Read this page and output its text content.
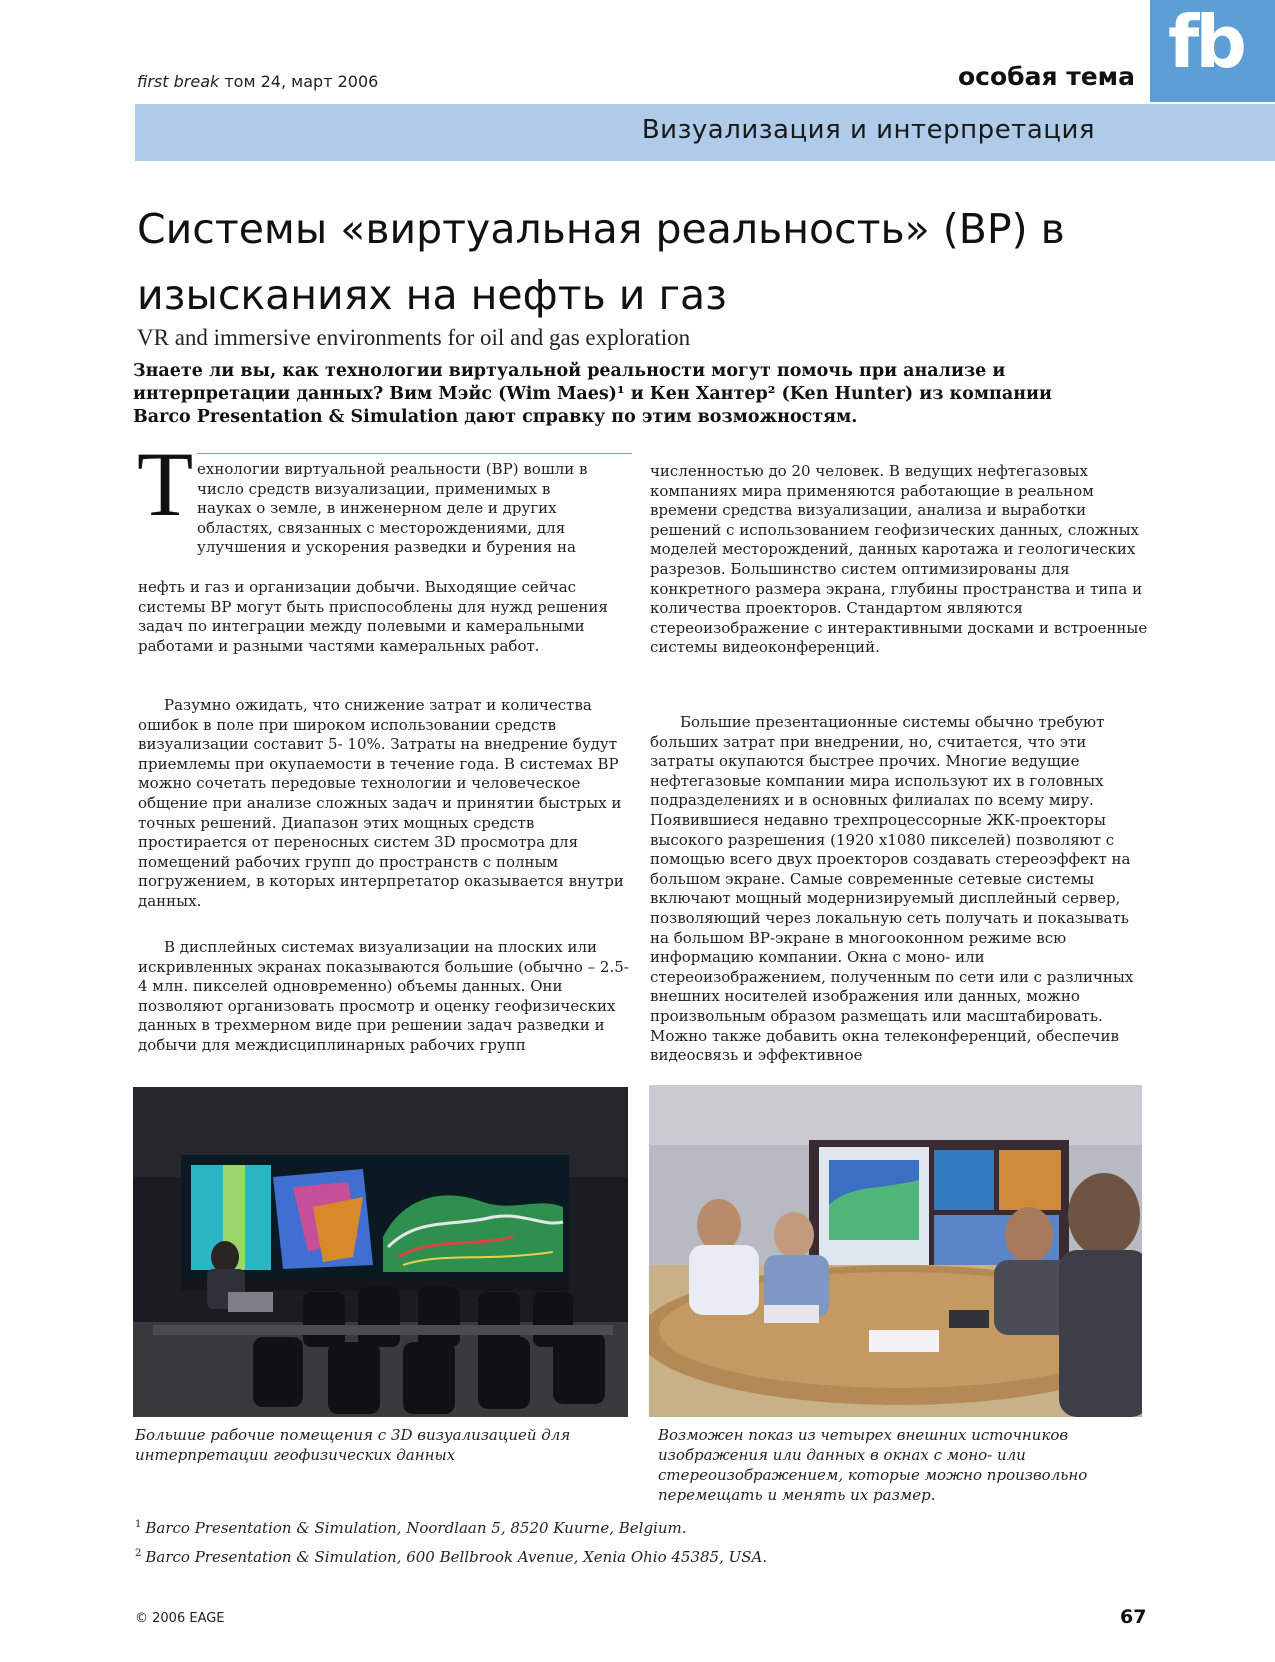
first break том 24, март 2006	особая тема fb
Визуализация и интерпретация
Системы «виртуальная реальность» (ВР) в изысканиях на нефть и газ
VR and immersive environments for oil and gas exploration

Знаете ли вы, как технологии виртуальной реальности могут помочь при анализе и интерпретации данных? Вим Мэйс (Wim Maes)¹ и Кен Хантер² (Ken Hunter) из компании Barco Presentation & Simulation дают справку по этим возможностям.

Т ехнологии виртуальной реальности (ВР) вошли в число средств визуализации, применимых в науках о земле, в инженерном деле и других областях, связанных с месторождениями, для улучшения и ускорения разведки и бурения на

нефть и газ и организации добычи. Выходящие сейчас системы ВР могут быть приспособлены для нужд решения задач по интеграции между полевыми и камеральными работами и разными частями камеральных работ.

Разумно ожидать, что снижение затрат и количества ошибок в поле при широком использовании средств визуализации составит 5- 10%. Затраты на внедрение будут приемлемы при окупаемости в течение года. В системах ВР можно сочетать передовые технологии и человеческое общение при анализе сложных задач и принятии быстрых и точных решений. Диапазон этих мощных средств простирается от переносных систем 3D просмотра для помещений рабочих групп до пространств с полным погружением, в которых интерпретатор оказывается внутри данных.

В дисплейных системах визуализации на плоских или искривленных экранах показываются большие (обычно – 2.5-4 млн. пикселей одновременно) объемы данных. Они позволяют организовать просмотр и оценку геофизических данных в трехмерном виде при решении задач разведки и добычи для междисциплинарных рабочих групп

численностью до 20 человек. В ведущих нефтегазовых компаниях мира применяются работающие в реальном времени средства визуализации, анализа и выработки решений с использованием геофизических данных, сложных моделей месторождений, данных каротажа и геологических разрезов. Большинство систем оптимизированы для конкретного размера экрана, глубины пространства и типа и количества проекторов. Стандартом являются стереоизображение с интерактивными досками и встроенные системы видеоконференций.

Большие презентационные системы обычно требуют больших затрат при внедрении, но, считается, что эти затраты окупаются быстрее прочих. Многие ведущие нефтегазовые компании мира используют их в головных подразделениях и в основных филиалах по всему миру. Появившиеся недавно трехпроцессорные ЖК-проекторы высокого разрешения (1920 x1080 пикселей) позволяют с помощью всего двух проекторов создавать стереоэффект на большом экране. Самые современные сетевые системы включают мощный модернизируемый дисплейный сервер, позволяющий через локальную сеть получать и показывать на большом ВР-экране в многооконном режиме всю информацию компании. Окна с моно- или стереоизображением, полученным по сети или с различных внешних носителей изображения или данных, можно произвольным образом размещать или масштабировать. Можно также добавить окна телеконференций, обеспечив видеосвязь и эффективное

Большие рабочие помещения с 3D визуализацией для интерпретации геофизических данных

Возможен показ из четырех внешних источников изображения или данных в окнах с моно- или стереоизображением, которые можно произвольно перемещать и менять их размер.

$^1$ Barco Presentation & Simulation, Noordlaan 5, 8520 Kuurne, Belgium.
$^2$ Barco Presentation & Simulation, 600 Bellbrook Avenue, Xenia Ohio 45385, USA.
© 2006 EAGE	67
